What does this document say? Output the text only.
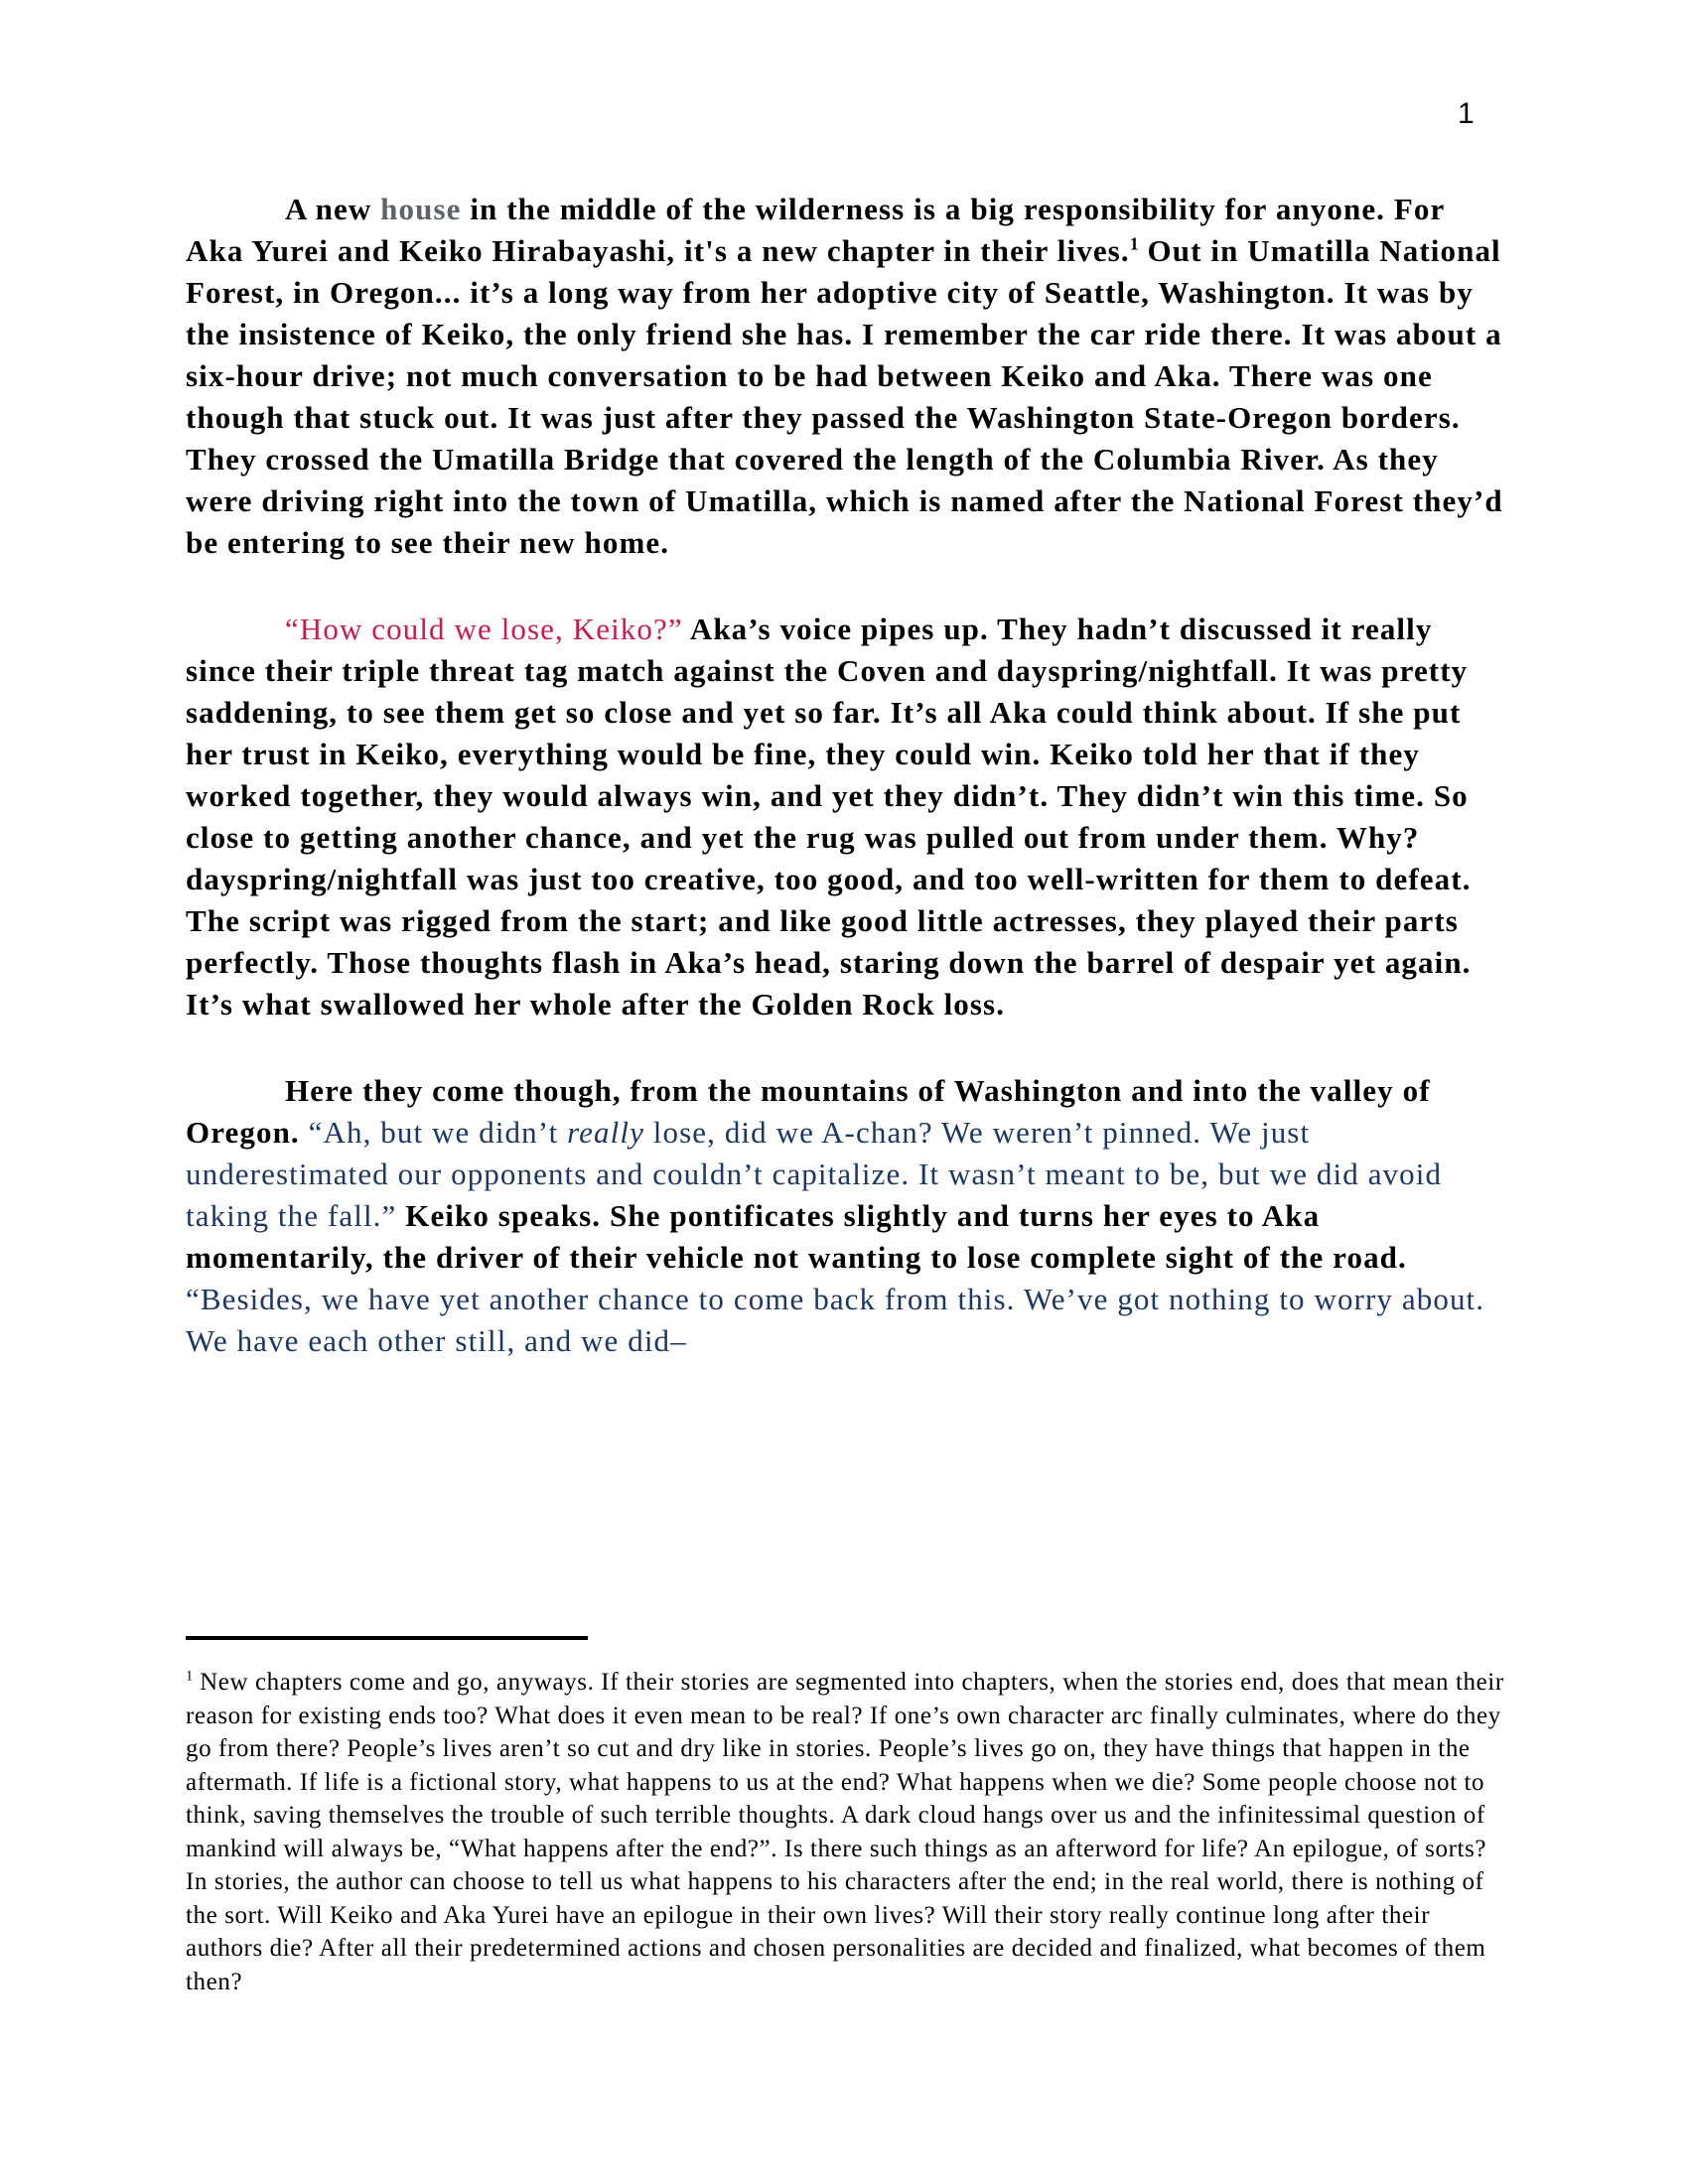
1

A new house in the middle of the wilderness is a big responsibility for anyone. For Aka Yurei and Keiko Hirabayashi, it's a new chapter in their lives.$^1$ Out in Umatilla National Forest, in Oregon... it’s a long way from her adoptive city of Seattle, Washington. It was by the insistence of Keiko, the only friend she has. I remember the car ride there. It was about a six-hour drive; not much conversation to be had between Keiko and Aka. There was one though that stuck out. It was just after they passed the Washington State-Oregon borders. They crossed the Umatilla Bridge that covered the length of the Columbia River. As they were driving right into the town of Umatilla, which is named after the National Forest they’d be entering to see their new home.

“How could we lose, Keiko?” Aka’s voice pipes up. They hadn’t discussed it really since their triple threat tag match against the Coven and dayspring/nightfall. It was pretty saddening, to see them get so close and yet so far. It’s all Aka could think about. If she put her trust in Keiko, everything would be fine, they could win. Keiko told her that if they worked together, they would always win, and yet they didn’t. They didn’t win this time. So close to getting another chance, and yet the rug was pulled out from under them. Why? dayspring/nightfall was just too creative, too good, and too well-written for them to defeat. The script was rigged from the start; and like good little actresses, they played their parts perfectly. Those thoughts flash in Aka’s head, staring down the barrel of despair yet again. It’s what swallowed her whole after the Golden Rock loss.

Here they come though, from the mountains of Washington and into the valley of Oregon. “Ah, but we didn’t really lose, did we A-chan? We weren’t pinned. We just underestimated our opponents and couldn’t capitalize. It wasn’t meant to be, but we did avoid taking the fall.” Keiko speaks. She pontificates slightly and turns her eyes to Aka momentarily, the driver of their vehicle not wanting to lose complete sight of the road. “Besides, we have yet another chance to come back from this. We’ve got nothing to worry about. We have each other still, and we did–

$^1$ New chapters come and go, anyways. If their stories are segmented into chapters, when the stories end, does that mean their reason for existing ends too? What does it even mean to be real? If one’s own character arc finally culminates, where do they go from there? People’s lives aren’t so cut and dry like in stories. People’s lives go on, they have things that happen in the aftermath. If life is a fictional story, what happens to us at the end? What happens when we die? Some people choose not to think, saving themselves the trouble of such terrible thoughts. A dark cloud hangs over us and the infinitessimal question of mankind will always be, “What happens after the end?”. Is there such things as an afterword for life? An epilogue, of sorts? In stories, the author can choose to tell us what happens to his characters after the end; in the real world, there is nothing of the sort. Will Keiko and Aka Yurei have an epilogue in their own lives? Will their story really continue long after their authors die? After all their predetermined actions and chosen personalities are decided and finalized, what becomes of them then?
